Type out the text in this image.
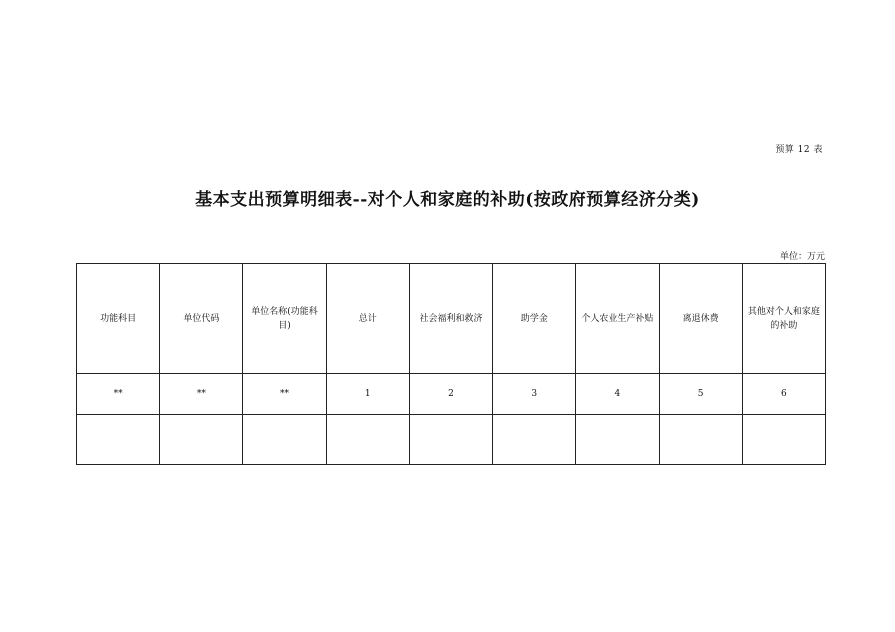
预算 12 表
基本支出预算明细表--对个人和家庭的补助(按政府预算经济分类)
单位：万元
功能科目	单位代码	单位名称(功能科目)	总计	社会福利和救济	助学金	个人农业生产补贴	离退休费	其他对个人和家庭的补助
**	**	**	1	2	3	4	5	6
